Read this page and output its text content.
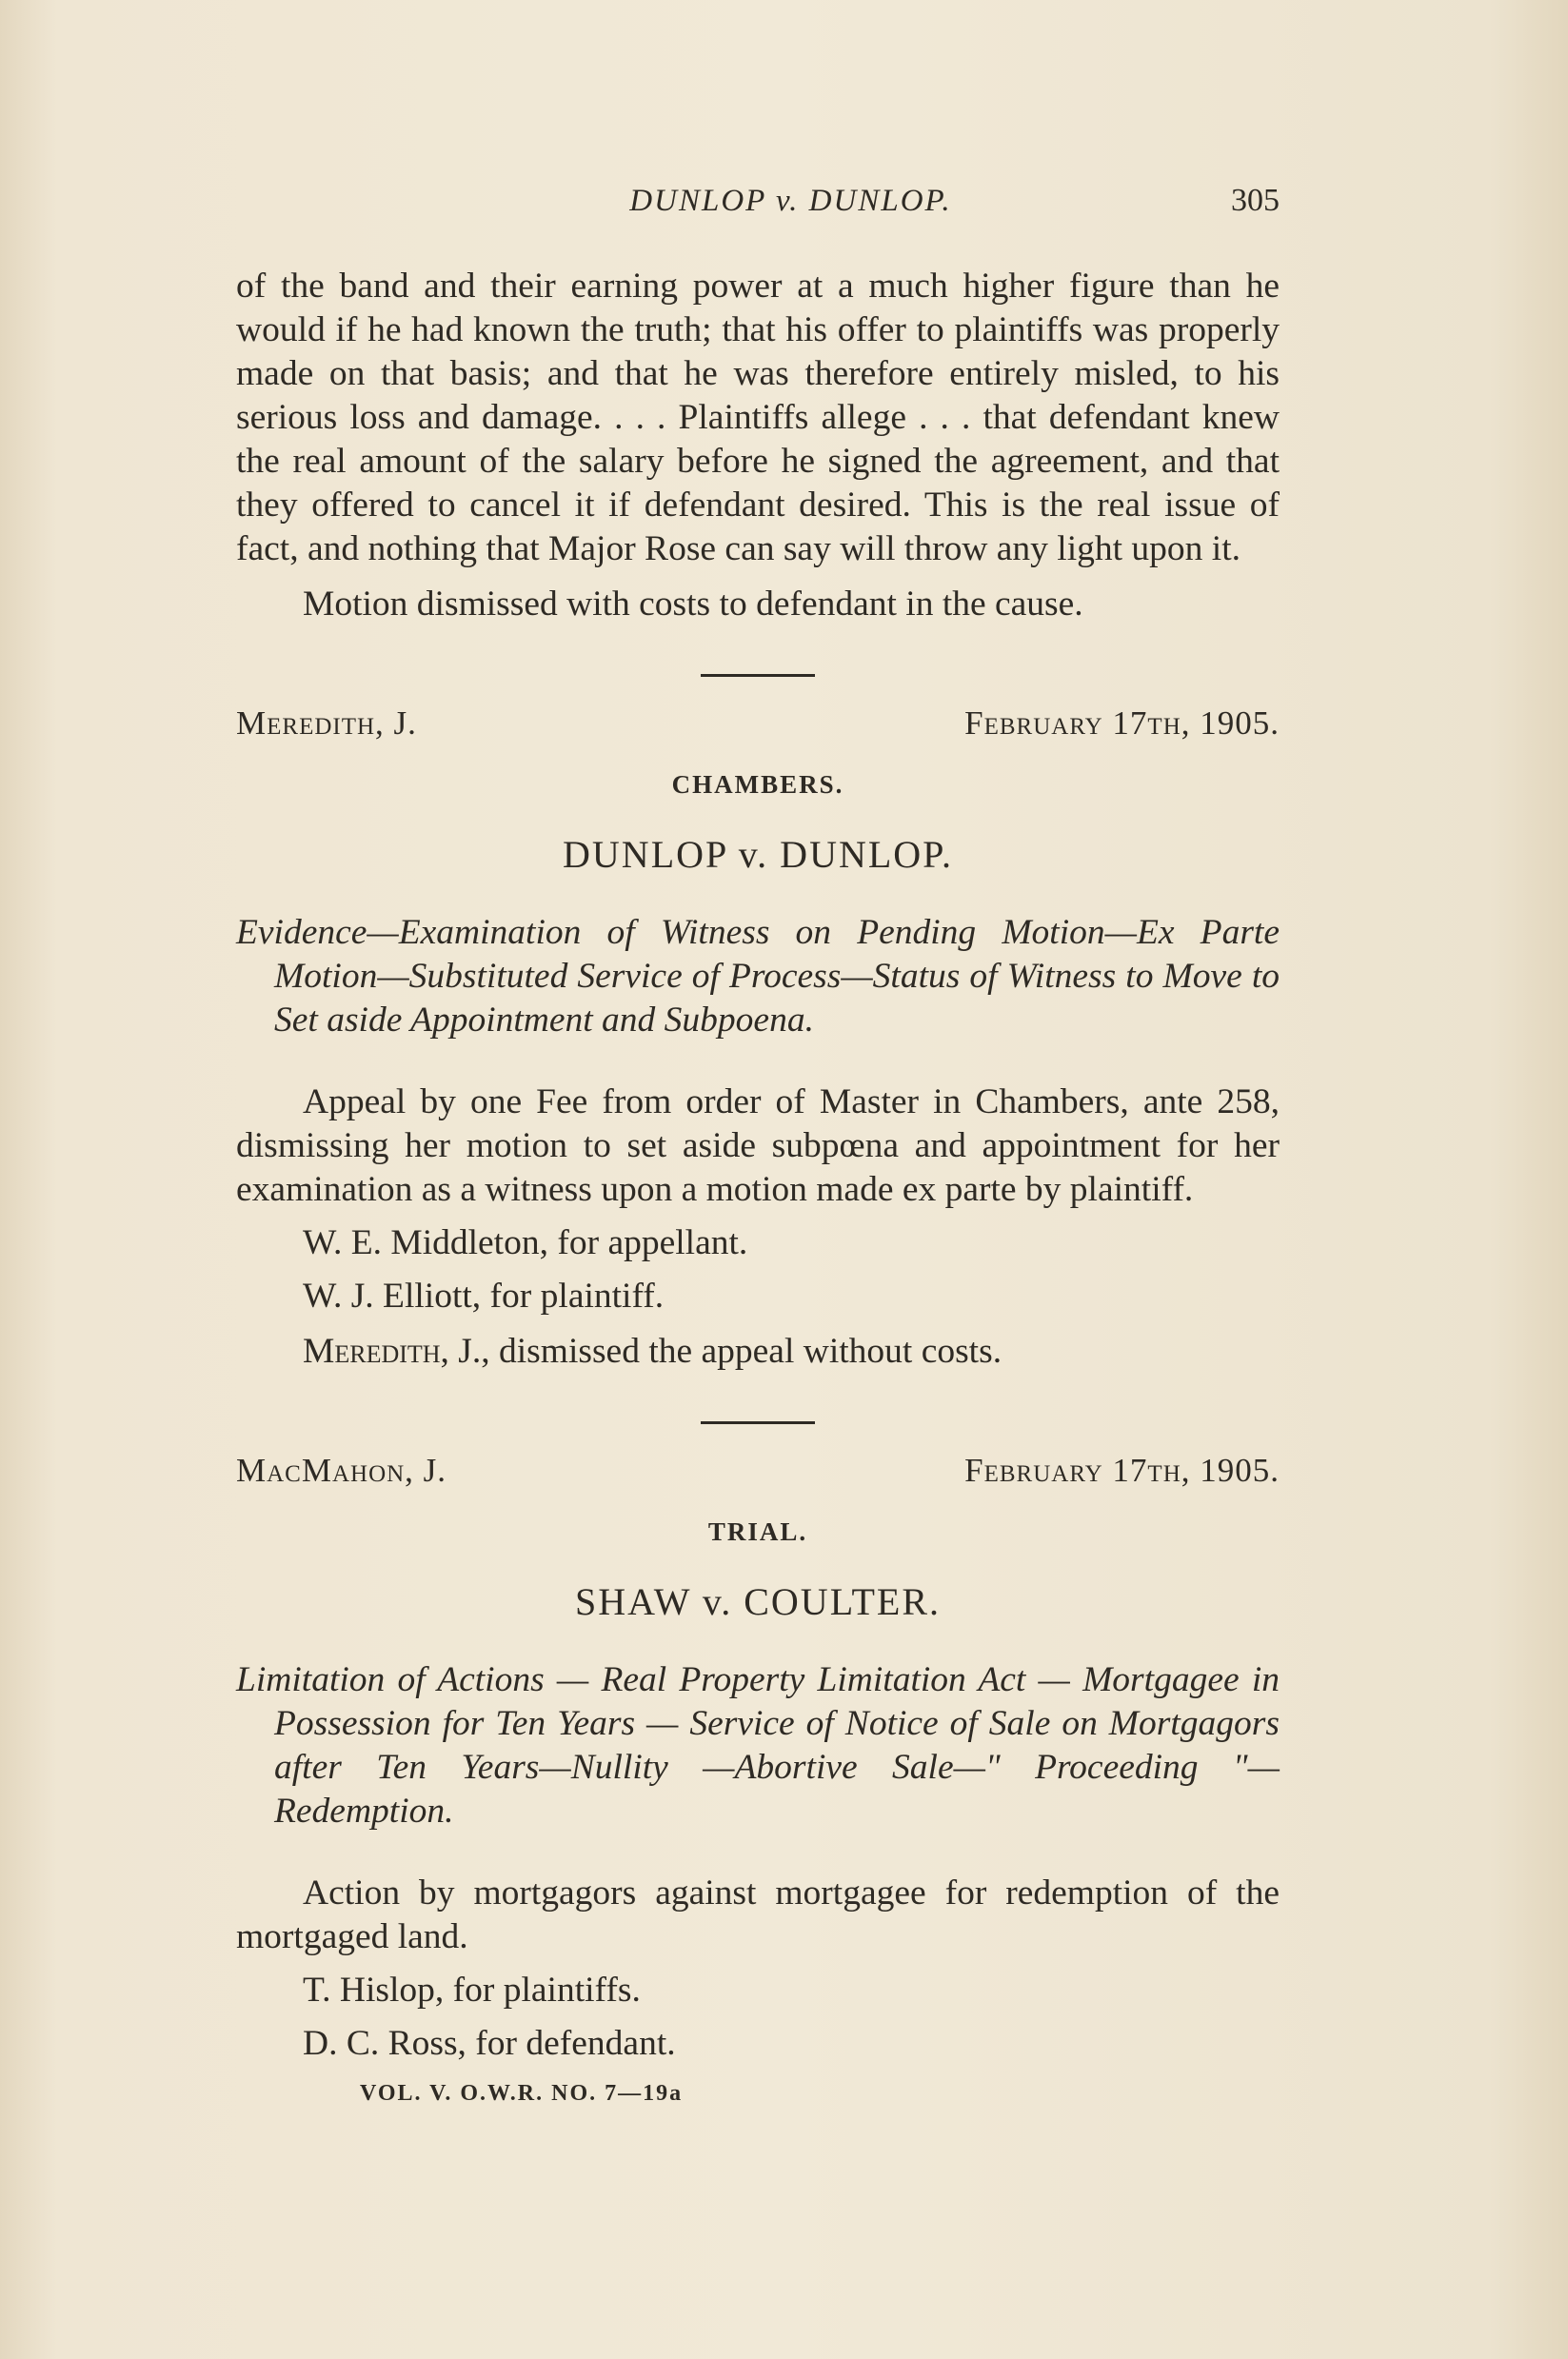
DUNLOP v. DUNLOP.	305

of the band and their earning power at a much higher figure than he would if he had known the truth; that his offer to plaintiffs was properly made on that basis; and that he was therefore entirely misled, to his serious loss and damage. . . . Plaintiffs allege . . . that defendant knew the real amount of the salary before he signed the agreement, and that they offered to cancel it if defendant desired. This is the real issue of fact, and nothing that Major Rose can say will throw any light upon it.

Motion dismissed with costs to defendant in the cause.

Meredith, J.	February 17th, 1905.
CHAMBERS.
DUNLOP v. DUNLOP.
Evidence—Examination of Witness on Pending Motion—Ex Parte Motion—Substituted Service of Process—Status of Witness to Move to Set aside Appointment and Subpoena.

Appeal by one Fee from order of Master in Chambers, ante 258, dismissing her motion to set aside subpœna and appointment for her examination as a witness upon a motion made ex parte by plaintiff.

W. E. Middleton, for appellant.
W. J. Elliott, for plaintiff.

Meredith, J., dismissed the appeal without costs.

MacMahon, J.	February 17th, 1905.
TRIAL.
SHAW v. COULTER.
Limitation of Actions — Real Property Limitation Act — Mortgagee in Possession for Ten Years — Service of Notice of Sale on Mortgagors after Ten Years—Nullity —Abortive Sale—" Proceeding "—Redemption.

Action by mortgagors against mortgagee for redemption of the mortgaged land.

T. Hislop, for plaintiffs.
D. C. Ross, for defendant.
VOL. V. O.W.R. NO. 7—19a
